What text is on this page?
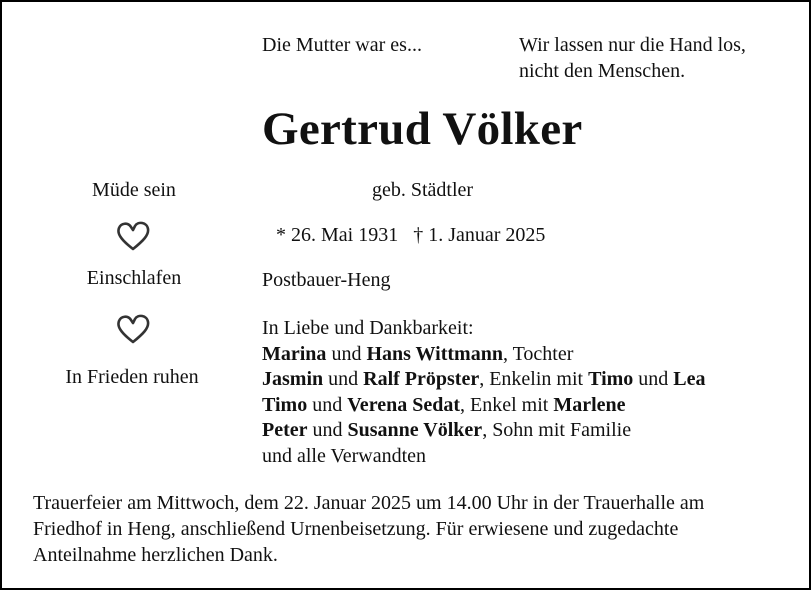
Die Mutter war es...	Wir lassen nur die Hand los,
nicht den Menschen.
Gertrud Völker
geb. Städtler
* 26. Mai 1931   † 1. Januar 2025
Postbauer-Heng
Müde sein
Einschlafen
In Frieden ruhen
In Liebe und Dankbarkeit:
Marina und Hans Wittmann, Tochter
Jasmin und Ralf Pröpster, Enkelin mit Timo und Lea
Timo und Verena Sedat, Enkel mit Marlene
Peter und Susanne Völker, Sohn mit Familie
und alle Verwandten
Trauerfeier am Mittwoch, dem 22. Januar 2025 um 14.00 Uhr in der Trauerhalle am Friedhof in Heng, anschließend Urnenbeisetzung. Für erwiesene und zugedachte Anteilnahme herzlichen Dank.
